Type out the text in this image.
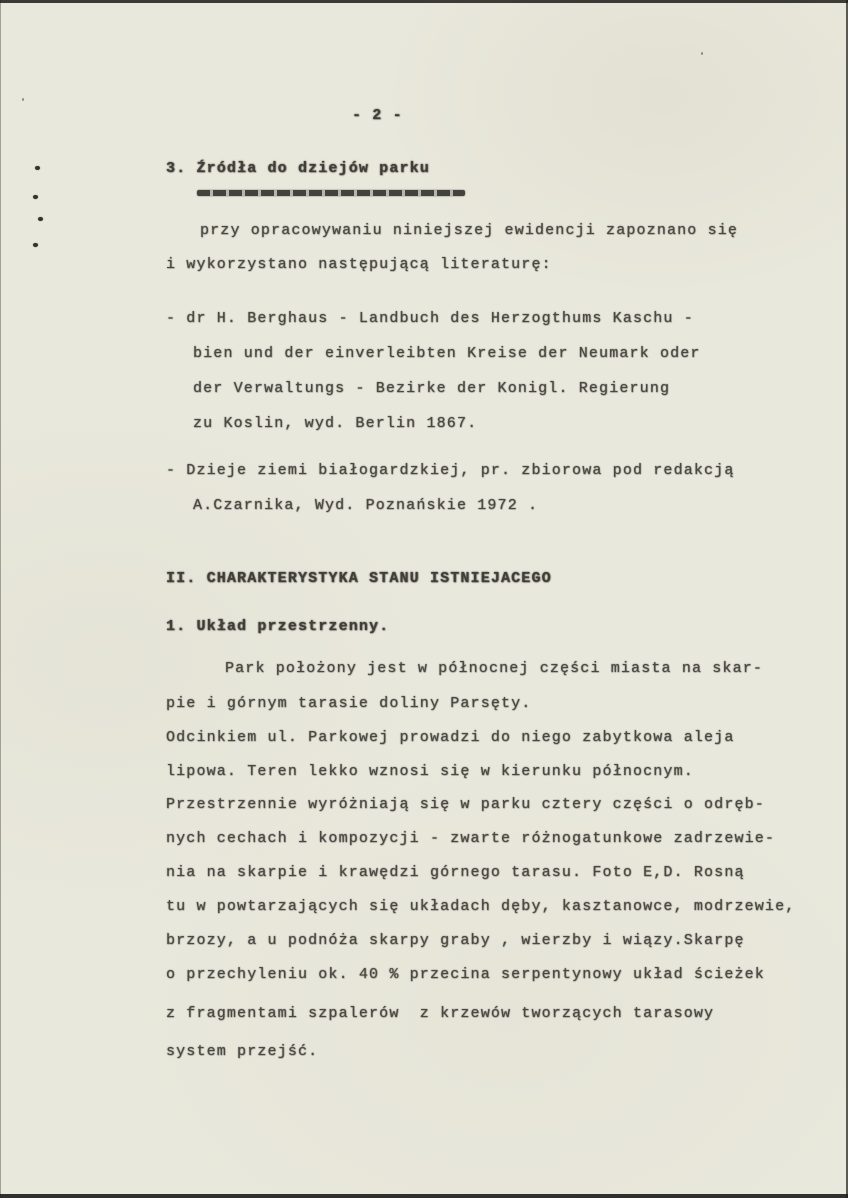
- 2 -
3. Źródła do dziejów parku
przy opracowywaniu niniejszej ewidencji zapoznano się
i wykorzystano następującą literaturę:
- dr H. Berghaus - Landbuch des Herzogthums Kaschu -
bien und der einverleibten Kreise der Neumark oder
der Verwaltungs - Bezirke der Konigl. Regierung
zu Koslin, wyd. Berlin 1867.
- Dzieje ziemi białogardzkiej, pr. zbiorowa pod redakcją
A.Czarnika, Wyd. Poznańskie 1972 .
II. CHARAKTERYSTYKA STANU ISTNIEJACEGO
1. Układ przestrzenny.
Park położony jest w północnej części miasta na skar-
pie i górnym tarasie doliny Parsęty.
Odcinkiem ul. Parkowej prowadzi do niego zabytkowa aleja
lipowa. Teren lekko wznosi się w kierunku północnym.
Przestrzennie wyróżniają się w parku cztery części o odręb-
nych cechach i kompozycji - zwarte różnogatunkowe zadrzewie-
nia na skarpie i krawędzi górnego tarasu. Foto E,D. Rosną
tu w powtarzających się układach dęby, kasztanowce, modrzewie,
brzozy, a u podnóża skarpy graby , wierzby i wiązy.Skarpę
o przechyleniu ok. 40 % przecina serpentynowy układ ścieżek
z fragmentami szpalerów  z krzewów tworzących tarasowy
system przejść.
